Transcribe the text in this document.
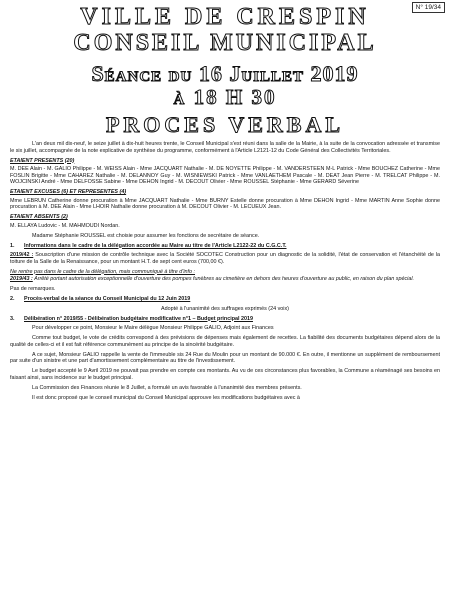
N° 19/34
VILLE DE CRESPIN
CONSEIL MUNICIPAL
Séance du 16 Juillet 2019
à 18 H 30
PROCES VERBAL

L'an deux mil dix-neuf, le seize juillet à dix-huit heures trente, le Conseil Municipal s'est réuni dans la salle de la Mairie, à la suite de la convocation adressée et transmise le six juillet, accompagnée de la note explicative de synthèse du programme, conformément à l'Article L2121-12 du Code Général des Collectivités Territoriales.

ETAIENT PRESENTS (20)

M. DEE Alain - M. GALIO Philippe - M. WEISS Alain - Mme JACQUART Nathalie - M. DE NOYETTE Philippe - M. VANDERSTEEN M-L Patrick - Mme BOUCHEZ Catherine - Mme FOSLIN Brigitte - Mme CAHAREZ Nathalie - M. DELANNOY Guy - M. WISNIEWSKI Patrick - Mme VANLAETHEM Pascale - M. DEAT Jean Pierre - M. TRELCAT Philippe - M. WOJCINSKI André - Mme DELFOSSE Sabine - Mme DEHON Ingrid - M. DECOUT Olivier - Mme ROUSSEL Stéphanie - Mme GERARD Séverine

ETAIENT EXCUSES (6) ET REPRESENTES (4)

Mme LEBRUN Catherine donne procuration à Mme JACQUART Nathalie - Mme BURNY Estelle donne procuration à Mme DEHON Ingrid - Mme MARTIN Anne Sophie donne procuration à M. DEE Alain - Mme LHOIR Nathalie donne procuration à M. DECOUT Olivier - M. LECUEUX Jean.

ETAIENT ABSENTS (2)

M. ELLAYA Ludovic - M. MAHMOUDI Nordan.

Madame Stéphanie ROUSSEL est choisie pour assumer les fonctions de secrétaire de séance.

1. Informations dans le cadre de la délégation accordée au Maire au titre de l'Article L2122-22 du C.G.C.T.

2019/42 : Souscription d'une mission de contrôle technique avec la Société SOCOTEC Construction pour un diagnostic de la solidité, l'état de conservation et l'étanchéité de la toiture de la Salle de la Renaissance, pour un montant H.T. de sept cent euros (700,00 €).

Ne rentre pas dans le cadre de la délégation, mais communiqué à titre d'info :

2019/43 : Arrêté portant autorisation exceptionnelle d'ouverture des pompes funèbres au cimetière en dehors des heures d'ouverture au public, en raison du plan spécial.

Pas de remarques.

2. Procès-verbal de la séance du Conseil Municipal du 12 Juin 2019

Adopté à l'unanimité des suffrages exprimés (24 voix)

3. Délibération n° 2019/55 - Délibération budgétaire modificative n°1 – Budget principal 2019

Pour développer ce point, Monsieur le Maire délègue Monsieur Philippe GALIO, Adjoint aux Finances

Comme tout budget, le vote de crédits correspond à des prévisions de dépenses mais également de recettes. La fiabilité des documents budgétaires dépend alors de la qualité de celles-ci et il est fait référence communément au principe de la sincérité budgétaire.

A ce sujet, Monsieur GALIO rappelle la vente de l'immeuble sis 24 Rue du Moulin pour un montant de 90.000 €. En outre, il mentionne un supplément de remboursement par suite d'un sinistre et une part d'amortissement complémentaire au titre de l'investissement.

Le budget accepté le 9 Avril 2019 ne pouvait pas prendre en compte ces montants. Au vu de ces circonstances plus favorables, la Commune a réaménagé ses besoins en faisant ainsi, sans incidence sur le budget principal.

La Commission des Finances réunie le 8 Juillet, a formulé un avis favorable à l'unanimité des membres présents.

Il est donc proposé que le conseil municipal du Conseil Municipal approuve les modifications budgétaires avec à
